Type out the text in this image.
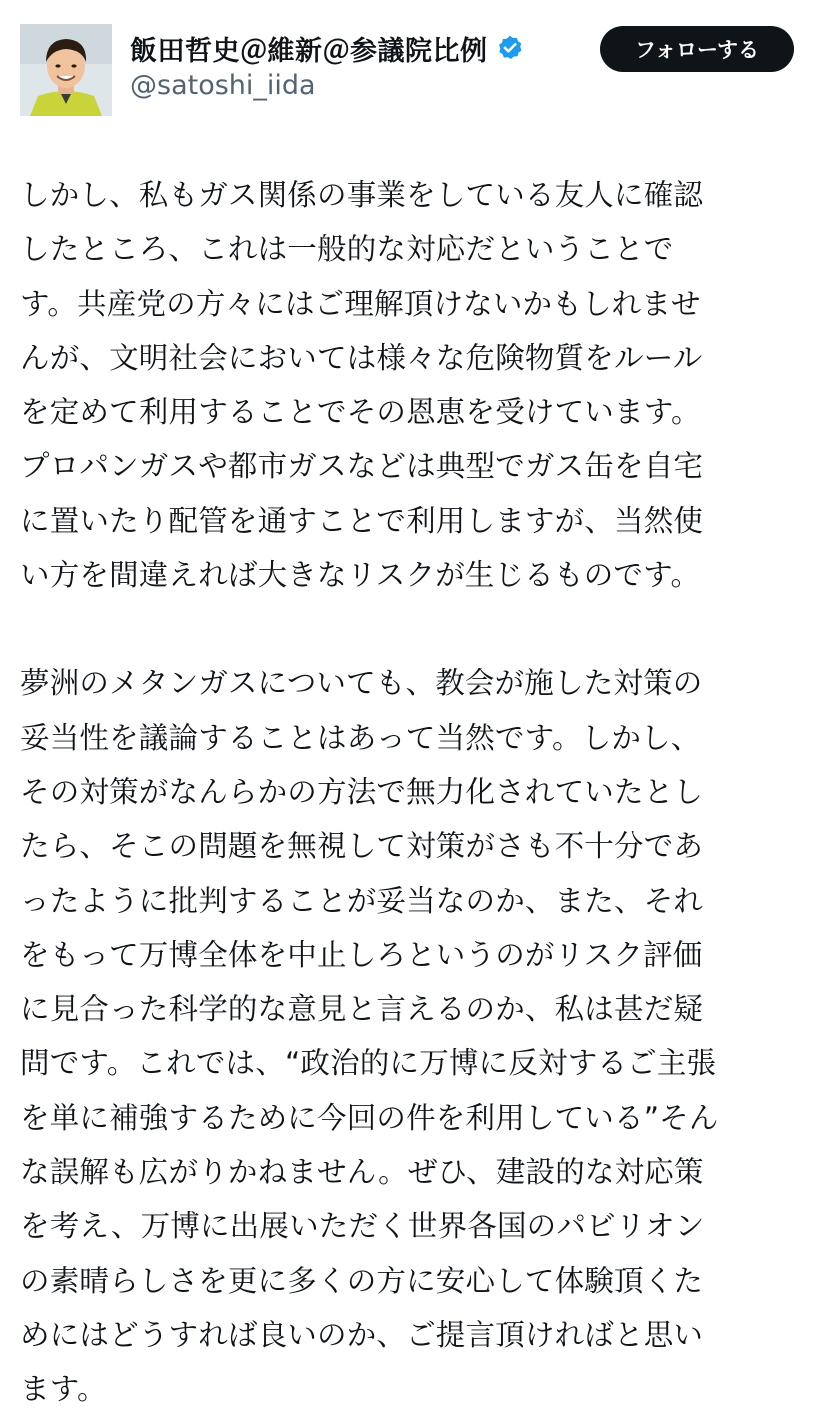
飯田哲史＠維新＠参議院比例
@satoshi_iida
フォローする

しかし、私もガス関係の事業をしている友人に確認

したところ、これは一般的な対応だということで

す。共産党の方々にはご理解頂けないかもしれませ

んが、文明社会においては様々な危険物質をルール

を定めて利用することでその恩恵を受けています。

プロパンガスや都市ガスなどは典型でガス缶を自宅

に置いたり配管を通すことで利用しますが、当然使

い方を間違えれば大きなリスクが生じるものです。

夢洲のメタンガスについても、教会が施した対策の

妥当性を議論することはあって当然です。しかし、

その対策がなんらかの方法で無力化されていたとし

たら、そこの問題を無視して対策がさも不十分であ

ったように批判することが妥当なのか、また、それ

をもって万博全体を中止しろというのがリスク評価

に見合った科学的な意見と言えるのか、私は甚だ疑

問です。これでは、“政治的に万博に反対するご主張

を単に補強するために今回の件を利用している”そん

な誤解も広がりかねません。ぜひ、建設的な対応策

を考え、万博に出展いただく世界各国のパビリオン

の素晴らしさを更に多くの方に安心して体験頂くた

めにはどうすれば良いのか、ご提言頂ければと思い

ます。
